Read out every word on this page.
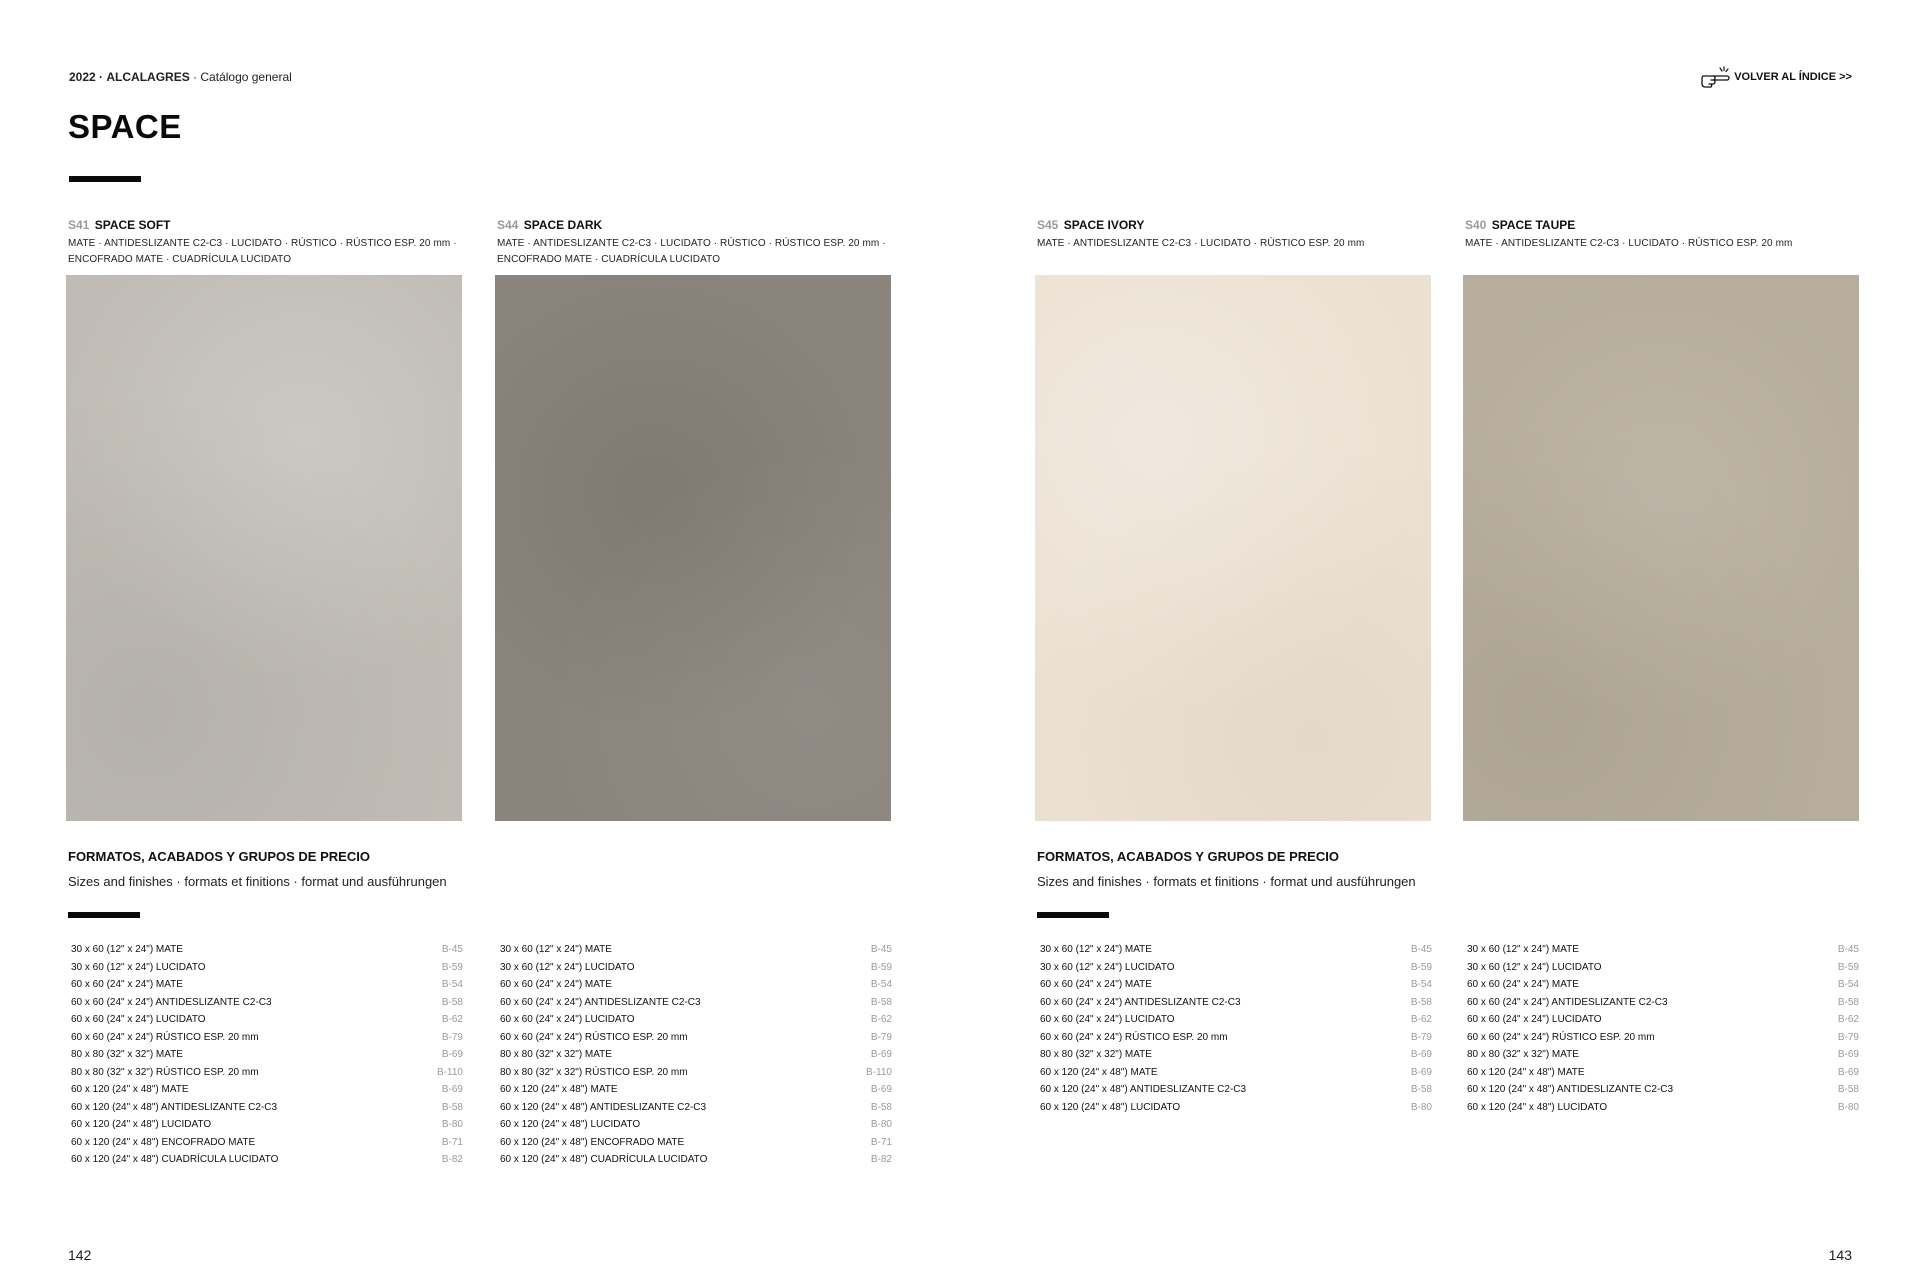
2022 · ALCALAGRES · Catálogo general	VOLVER AL ÍNDICE >>
SPACE
S41 SPACE SOFT
MATE · ANTIDESLIZANTE C2-C3 · LUCIDATO · RÚSTICO · RÚSTICO ESP. 20 mm ·
ENCOFRADO MATE · CUADRÍCULA LUCIDATO
S44 SPACE DARK
MATE · ANTIDESLIZANTE C2-C3 · LUCIDATO · RÚSTICO · RÚSTICO ESP. 20 mm ·
ENCOFRADO MATE · CUADRÍCULA LUCIDATO
S45 SPACE IVORY
MATE · ANTIDESLIZANTE C2-C3 · LUCIDATO · RÚSTICO ESP. 20 mm
S40 SPACE TAUPE
MATE · ANTIDESLIZANTE C2-C3 · LUCIDATO · RÚSTICO ESP. 20 mm
FORMATOS, ACABADOS Y GRUPOS DE PRECIO
Sizes and finishes · formats et finitions · format und ausführungen
FORMATOS, ACABADOS Y GRUPOS DE PRECIO
Sizes and finishes · formats et finitions · format und ausführungen
30 x 60 (12" x 24") MATE	B-45
30 x 60 (12" x 24") LUCIDATO	B-59
60 x 60 (24" x 24") MATE	B-54
60 x 60 (24" x 24") ANTIDESLIZANTE C2-C3	B-58
60 x 60 (24" x 24") LUCIDATO	B-62
60 x 60 (24" x 24") RÚSTICO ESP. 20 mm	B-79
80 x 80 (32" x 32") MATE	B-69
80 x 80 (32" x 32") RÚSTICO ESP. 20 mm	B-110
60 x 120 (24" x 48") MATE	B-69
60 x 120 (24" x 48") ANTIDESLIZANTE C2-C3	B-58
60 x 120 (24" x 48") LUCIDATO	B-80
60 x 120 (24" x 48") ENCOFRADO MATE	B-71
60 x 120 (24" x 48") CUADRÍCULA LUCIDATO	B-82
30 x 60 (12" x 24") MATE	B-45
30 x 60 (12" x 24") LUCIDATO	B-59
60 x 60 (24" x 24") MATE	B-54
60 x 60 (24" x 24") ANTIDESLIZANTE C2-C3	B-58
60 x 60 (24" x 24") LUCIDATO	B-62
60 x 60 (24" x 24") RÚSTICO ESP. 20 mm	B-79
80 x 80 (32" x 32") MATE	B-69
80 x 80 (32" x 32") RÚSTICO ESP. 20 mm	B-110
60 x 120 (24" x 48") MATE	B-69
60 x 120 (24" x 48") ANTIDESLIZANTE C2-C3	B-58
60 x 120 (24" x 48") LUCIDATO	B-80
60 x 120 (24" x 48") ENCOFRADO MATE	B-71
60 x 120 (24" x 48") CUADRÍCULA LUCIDATO	B-82
30 x 60 (12" x 24") MATE	B-45
30 x 60 (12" x 24") LUCIDATO	B-59
60 x 60 (24" x 24") MATE	B-54
60 x 60 (24" x 24") ANTIDESLIZANTE C2-C3	B-58
60 x 60 (24" x 24") LUCIDATO	B-62
60 x 60 (24" x 24") RÚSTICO ESP. 20 mm	B-79
80 x 80 (32" x 32") MATE	B-69
60 x 120 (24" x 48") MATE	B-69
60 x 120 (24" x 48") ANTIDESLIZANTE C2-C3	B-58
60 x 120 (24" x 48") LUCIDATO	B-80
30 x 60 (12" x 24") MATE	B-45
30 x 60 (12" x 24") LUCIDATO	B-59
60 x 60 (24" x 24") MATE	B-54
60 x 60 (24" x 24") ANTIDESLIZANTE C2-C3	B-58
60 x 60 (24" x 24") LUCIDATO	B-62
60 x 60 (24" x 24") RÚSTICO ESP. 20 mm	B-79
80 x 80 (32" x 32") MATE	B-69
60 x 120 (24" x 48") MATE	B-69
60 x 120 (24" x 48") ANTIDESLIZANTE C2-C3	B-58
60 x 120 (24" x 48") LUCIDATO	B-80
142	143
